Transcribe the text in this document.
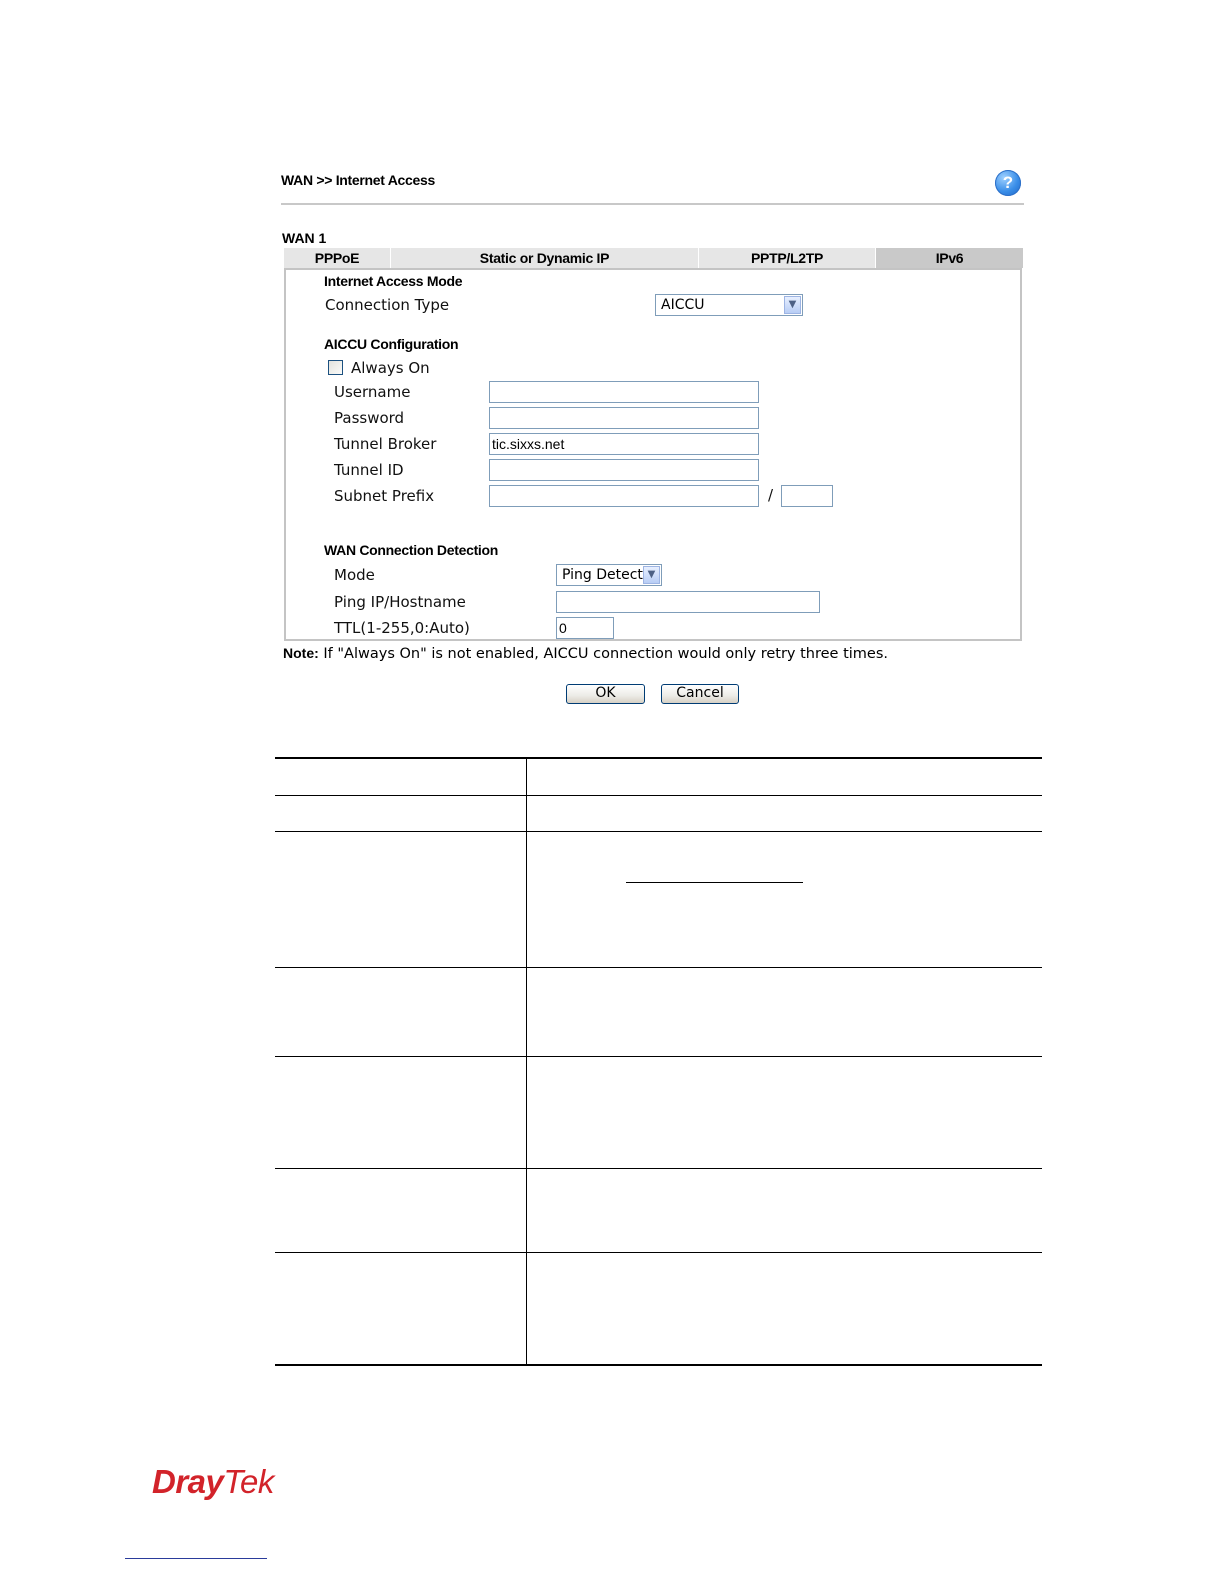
WAN >> Internet Access	?
WAN 1
PPPoE	Static or Dynamic IP	PPTP/L2TP	IPv6
Internet Access Mode
Connection Type	AICCU	▼
AICCU Configuration
Always On
Username
Password
Tunnel Broker	tic.sixxs.net
Tunnel ID
Subnet Prefix	/
WAN Connection Detection
Mode	Ping Detect ▼
Ping IP/Hostname
TTL(1-255,0:Auto)	0
Note: If "Always On" is not enabled, AICCU connection would only retry three times.
OK	Cancel
DrayTek
